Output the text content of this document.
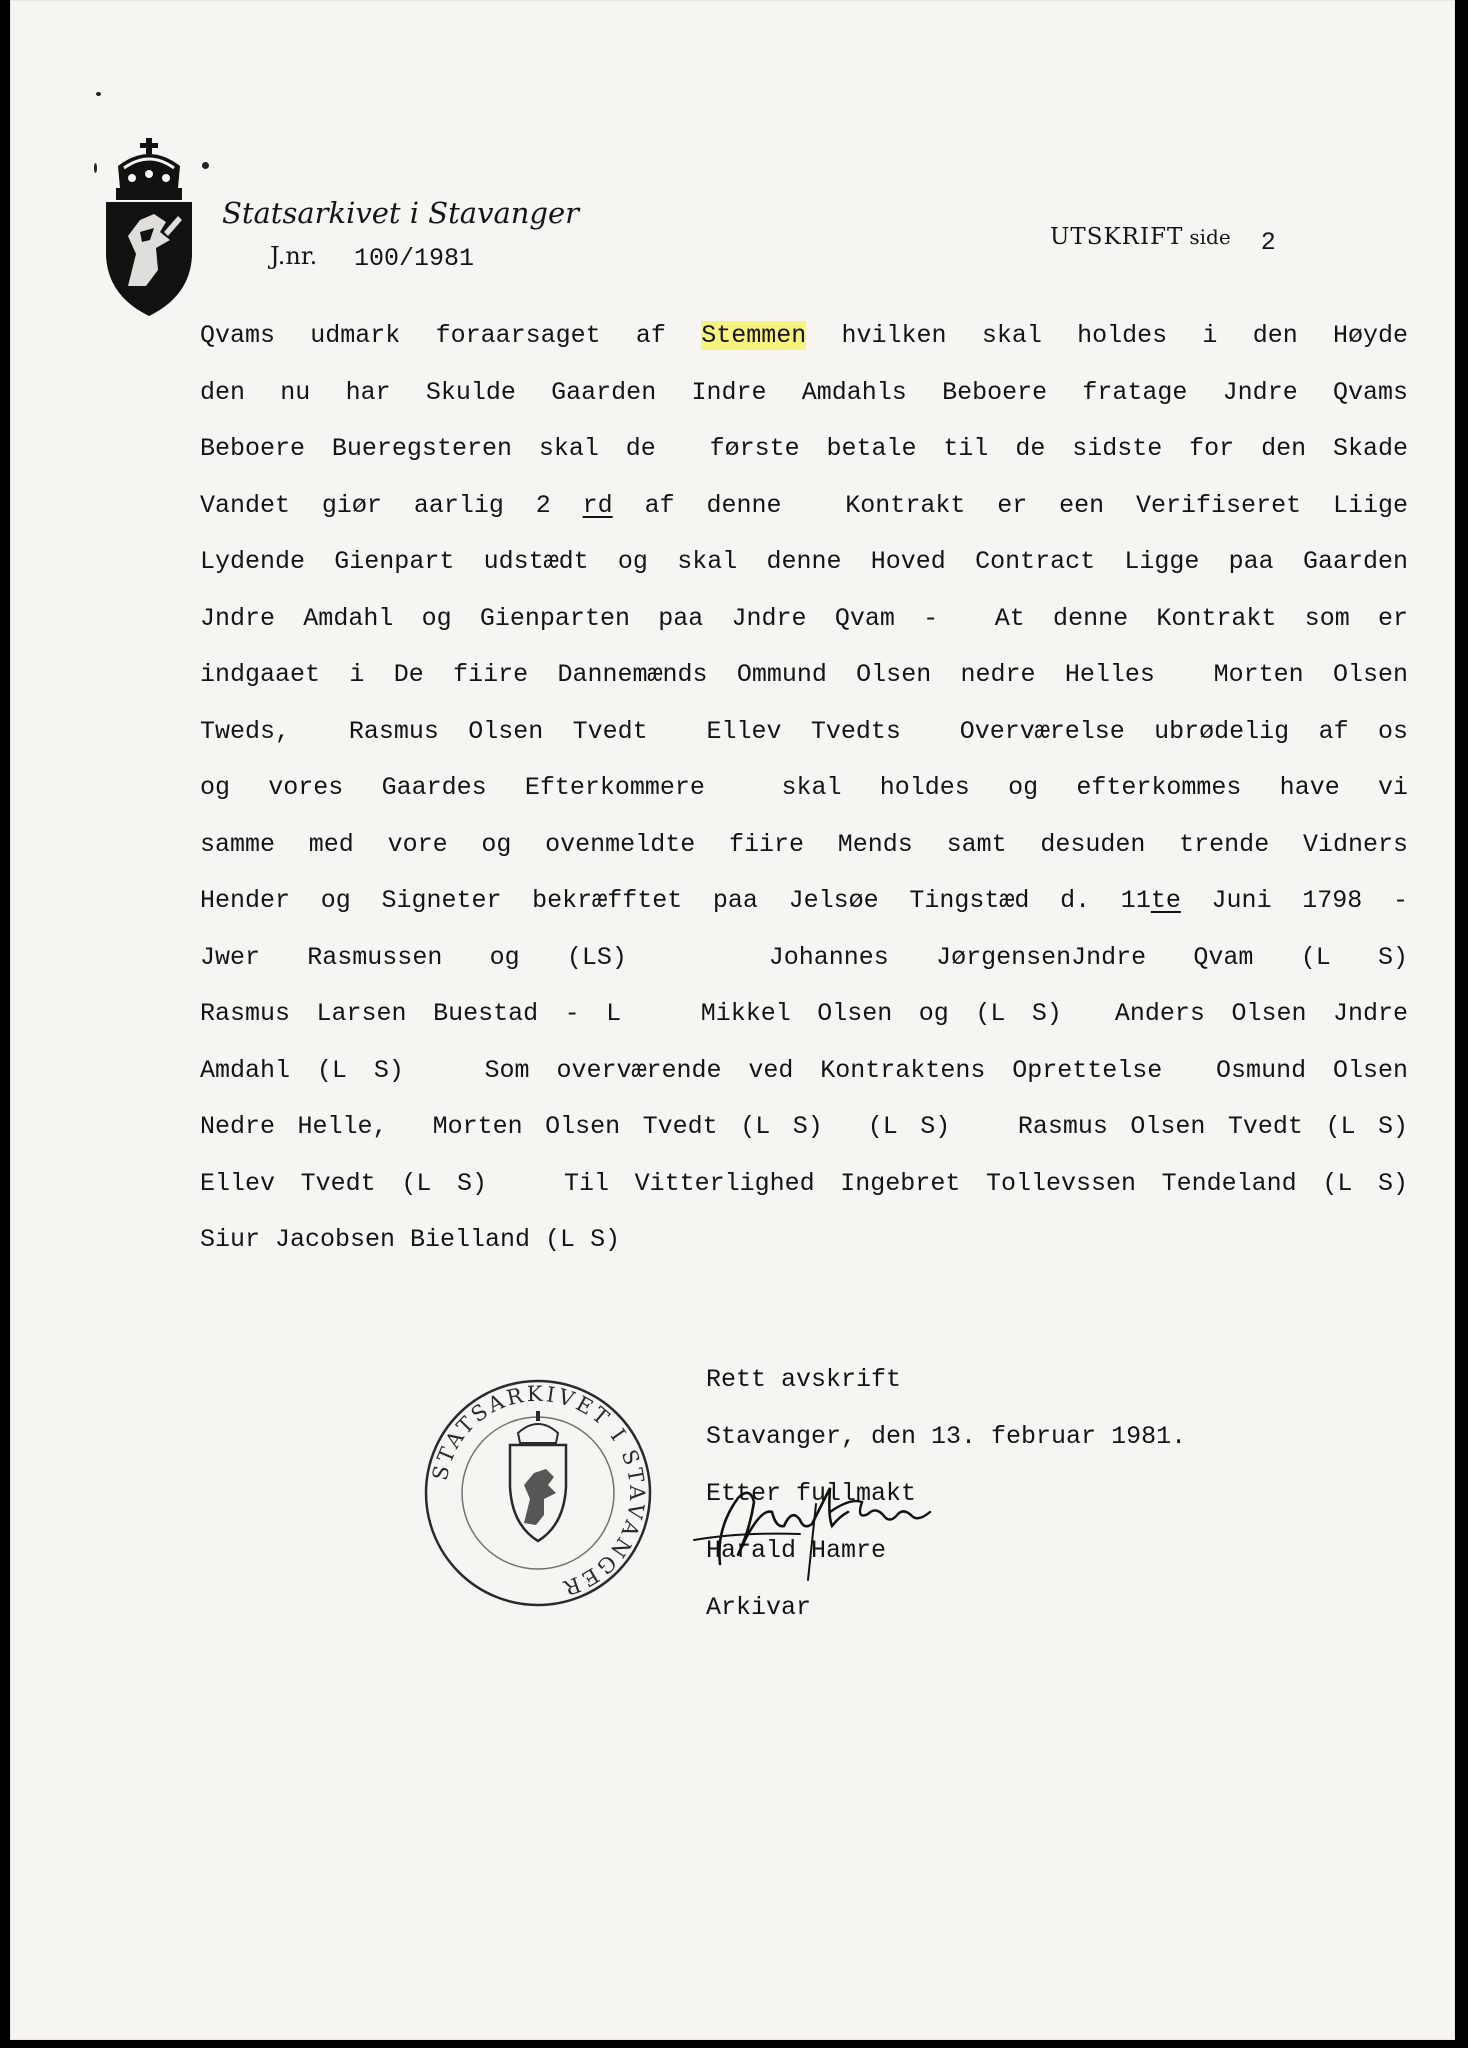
Statsarkivet i Stavanger
J.nr. 100/1981
UTSKRIFT side 2
Qvams udmark foraarsaget af Stemmen hvilken skal holdes i den Høyde
den nu har Skulde Gaarden Indre Amdahls Beboere fratage Jndre Qvams
Beboere Bueregsteren skal de  første betale til de sidste for den Skade
Vandet giør aarlig 2 rd af denne  Kontrakt er een Verifiseret Liige
Lydende Gienpart udstædt og skal denne Hoved Contract Ligge paa Gaarden
Jndre Amdahl og Gienparten paa Jndre Qvam -  At denne Kontrakt som er
indgaaet i De fiire Dannemænds Ommund Olsen nedre Helles  Morten Olsen
Tweds,  Rasmus Olsen Tvedt  Ellev Tvedts  Overværelse ubrødelig af os
og vores Gaardes Efterkommere  skal holdes og efterkommes have vi
samme med vore og ovenmeldte fiire Mends samt desuden trende Vidners
Hender og Signeter bekræfftet paa Jelsøe Tingstæd d. 11te Juni 1798 -
Jwer Rasmussen og (LS)   Johannes JørgensenJndre Qvam (L S)
Rasmus Larsen Buestad - L   Mikkel Olsen og (L S)  Anders Olsen Jndre
Amdahl (L S)   Som overværende ved Kontraktens Oprettelse  Osmund Olsen
Nedre Helle,  Morten Olsen Tvedt (L S)  (L S)   Rasmus Olsen Tvedt (L S)
Ellev Tvedt (L S)   Til Vitterlighed Ingebret Tollevssen Tendeland (L S)
Siur Jacobsen Bielland (L S)
STATSARKIVET I STAVANGER
Rett avskrift
Stavanger, den 13. februar 1981.
Etter fullmakt
Harald Hamre
Arkivar
